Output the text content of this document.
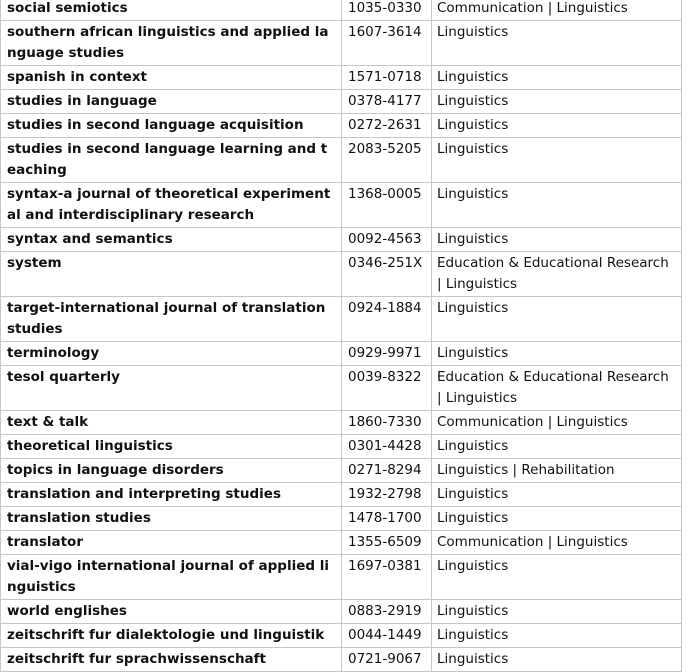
social semiotics	1035-0330	Communication | Linguistics
southern african linguistics and applied language studies	1607-3614	Linguistics
spanish in context	1571-0718	Linguistics
studies in language	0378-4177	Linguistics
studies in second language acquisition	0272-2631	Linguistics
studies in second language learning and teaching	2083-5205	Linguistics
syntax-a journal of theoretical experimental and interdisciplinary research	1368-0005	Linguistics
syntax and semantics	0092-4563	Linguistics
system	0346-251X	Education & Educational Research | Linguistics
target-international journal of translation studies	0924-1884	Linguistics
terminology	0929-9971	Linguistics
tesol quarterly	0039-8322	Education & Educational Research | Linguistics
text & talk	1860-7330	Communication | Linguistics
theoretical linguistics	0301-4428	Linguistics
topics in language disorders	0271-8294	Linguistics | Rehabilitation
translation and interpreting studies	1932-2798	Linguistics
translation studies	1478-1700	Linguistics
translator	1355-6509	Communication | Linguistics
vial-vigo international journal of applied linguistics	1697-0381	Linguistics
world englishes	0883-2919	Linguistics
zeitschrift fur dialektologie und linguistik	0044-1449	Linguistics
zeitschrift fur sprachwissenschaft	0721-9067	Linguistics
